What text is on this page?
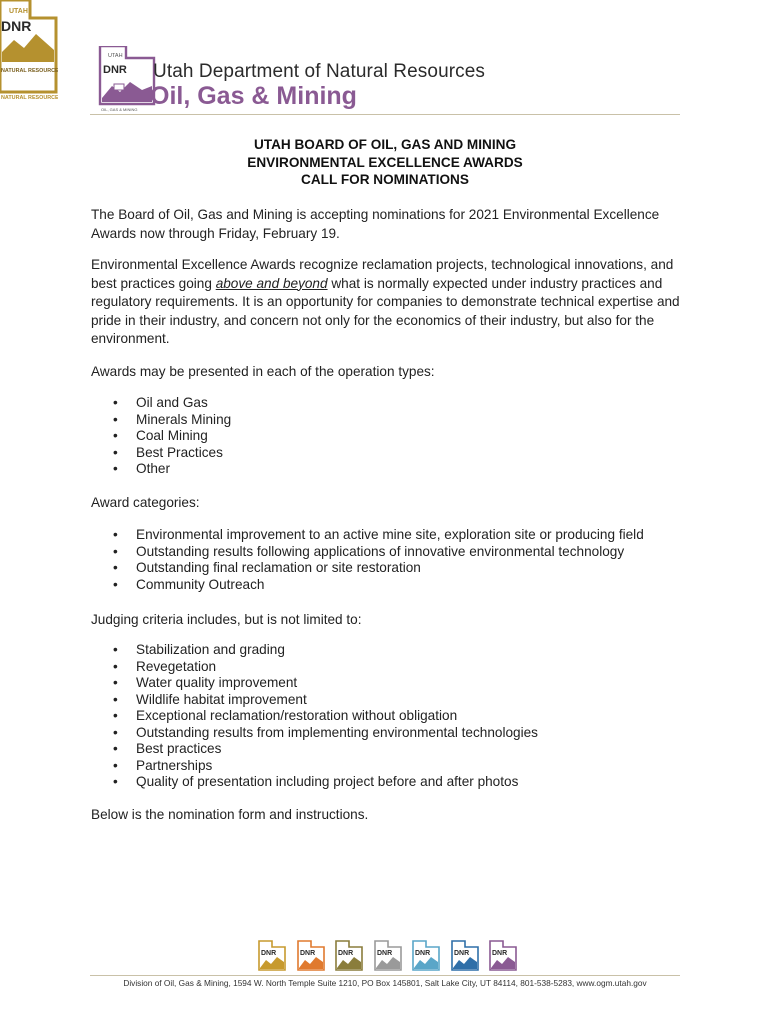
UTAH
DNR
NATURAL RESOURCES
NATURAL RESOURCES
UTAH
DNR
OIL, GAS & MINING
Utah Department of Natural Resources
Oil, Gas & Mining
UTAH BOARD OF OIL, GAS AND MINING
ENVIRONMENTAL EXCELLENCE AWARDS
CALL FOR NOMINATIONS
The Board of Oil, Gas and Mining is accepting nominations for 2021 Environmental Excellence Awards now through Friday, February 19.
Environmental Excellence Awards recognize reclamation projects, technological innovations, and best practices going above and beyond what is normally expected under industry practices and regulatory requirements. It is an opportunity for companies to demonstrate technical expertise and pride in their industry, and concern not only for the economics of their industry, but also for the environment.
Awards may be presented in each of the operation types:
• Oil and Gas
• Minerals Mining
• Coal Mining
• Best Practices
• Other
Award categories:
• Environmental improvement to an active mine site, exploration site or producing field
• Outstanding results following applications of innovative environmental technology
• Outstanding final reclamation or site restoration
• Community Outreach
Judging criteria includes, but is not limited to:
• Stabilization and grading
• Revegetation
• Water quality improvement
• Wildlife habitat improvement
• Exceptional reclamation/restoration without obligation
• Outstanding results from implementing environmental technologies
• Best practices
• Partnerships
• Quality of presentation including project before and after photos
Below is the nomination form and instructions.
DNR	DNR	DNR	DNR	DNR	DNR	DNR
Division of Oil, Gas & Mining, 1594 W. North Temple Suite 1210, PO Box 145801, Salt Lake City, UT 84114, 801-538-5283, www.ogm.utah.gov
